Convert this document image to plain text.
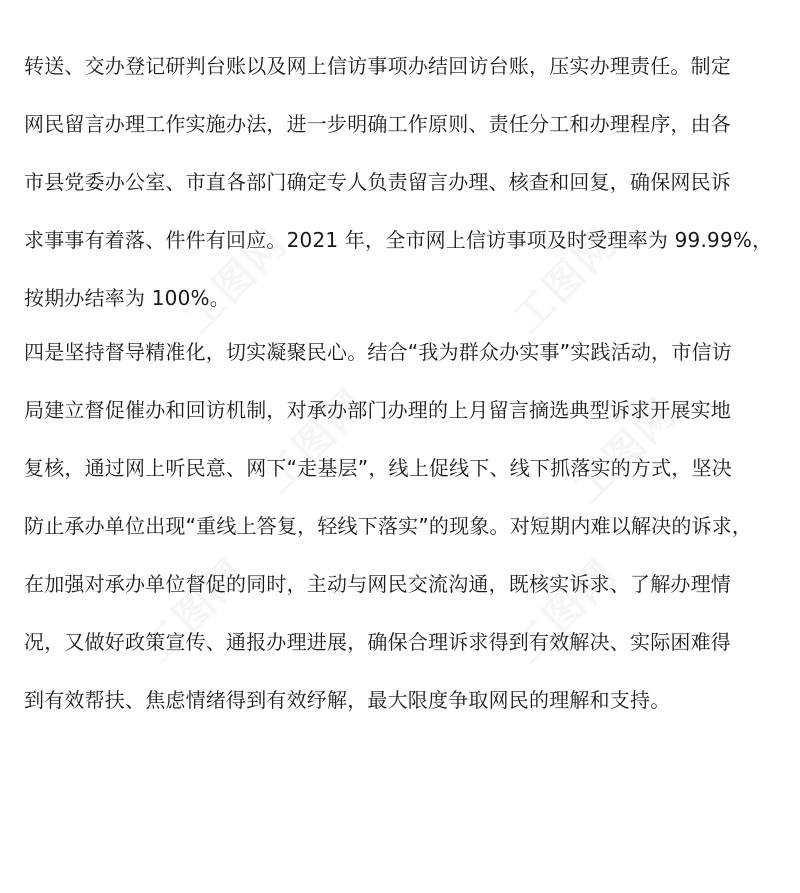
工图网	工图网
工图网	工图网
工图网	工图网
转送、交办登记研判台账以及网上信访事项办结回访台账，压实办理责任。制定
网民留言办理工作实施办法，进一步明确工作原则、责任分工和办理程序，由各
市县党委办公室、市直各部门确定专人负责留言办理、核查和回复，确保网民诉
求事事有着落、件件有回应。2021 年，全市网上信访事项及时受理率为 99.99%，
按期办结率为 100%。
四是坚持督导精准化，切实凝聚民心。结合“我为群众办实事”实践活动，市信访
局建立督促催办和回访机制，对承办部门办理的上月留言摘选典型诉求开展实地
复核，通过网上听民意、网下“走基层”，线上促线下、线下抓落实的方式，坚决
防止承办单位出现“重线上答复，轻线下落实”的现象。对短期内难以解决的诉求，
在加强对承办单位督促的同时，主动与网民交流沟通，既核实诉求、了解办理情
况，又做好政策宣传、通报办理进展，确保合理诉求得到有效解决、实际困难得
到有效帮扶、焦虑情绪得到有效纾解，最大限度争取网民的理解和支持。
